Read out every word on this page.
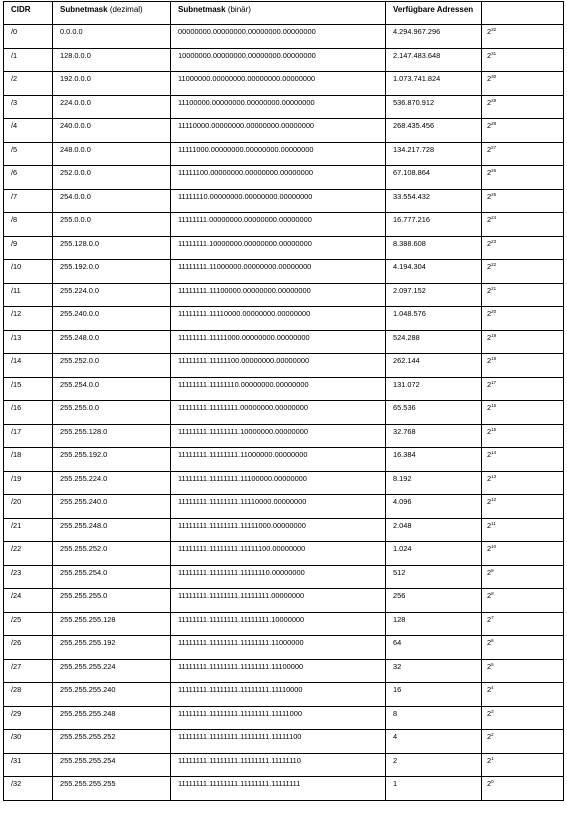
CIDR	Subnetmask (dezimal)	Subnetmask (binär)	Verfügbare Adressen	
/0	0.0.0.0	00000000.00000000.00000000.00000000	4.294.967.296	$2^{32}$
/1	128.0.0.0	10000000.00000000.00000000.00000000	2.147.483.648	$2^{31}$
/2	192.0.0.0	11000000.00000000.00000000.00000000	1.073.741.824	$2^{30}$
/3	224.0.0.0	11100000.00000000.00000000.00000000	536.870.912	$2^{29}$
/4	240.0.0.0	11110000.00000000.00000000.00000000	268.435.456	$2^{28}$
/5	248.0.0.0	11111000.00000000.00000000.00000000	134.217.728	$2^{27}$
/6	252.0.0.0	11111100.00000000.00000000.00000000	67.108.864	$2^{26}$
/7	254.0.0.0	11111110.00000000.00000000.00000000	33.554.432	$2^{25}$
/8	255.0.0.0	11111111.00000000.00000000.00000000	16.777.216	$2^{24}$
/9	255.128.0.0	11111111.10000000.00000000.00000000	8.388.608	$2^{23}$
/10	255.192.0.0	11111111.11000000.00000000.00000000	4.194.304	$2^{22}$
/11	255.224.0.0	11111111.11100000.00000000.00000000	2.097.152	$2^{21}$
/12	255.240.0.0	11111111.11110000.00000000.00000000	1.048.576	$2^{20}$
/13	255.248.0.0	11111111.11111000.00000000.00000000	524.288	$2^{19}$
/14	255.252.0.0	11111111.11111100.00000000.00000000	262.144	$2^{18}$
/15	255.254.0.0	11111111.11111110.00000000.00000000	131.072	$2^{17}$
/16	255.255.0.0	11111111.11111111.00000000.00000000	65.536	$2^{16}$
/17	255.255.128.0	11111111.11111111.10000000.00000000	32.768	$2^{15}$
/18	255.255.192.0	11111111.11111111.11000000.00000000	16.384	$2^{14}$
/19	255.255.224.0	11111111.11111111.11100000.00000000	8.192	$2^{13}$
/20	255.255.240.0	11111111.11111111.11110000.00000000	4.096	$2^{12}$
/21	255.255.248.0	11111111.11111111.11111000.00000000	2.048	$2^{11}$
/22	255.255.252.0	11111111.11111111.11111100.00000000	1.024	$2^{10}$
/23	255.255.254.0	11111111.11111111.11111110.00000000	512	$2^9$
/24	255.255.255.0	11111111.11111111.11111111.00000000	256	$2^8$
/25	255.255.255.128	11111111.11111111.11111111.10000000	128	$2^7$
/26	255.255.255.192	11111111.11111111.11111111.11000000	64	$2^6$
/27	255.255.255.224	11111111.11111111.11111111.11100000	32	$2^5$
/28	255.255.255.240	11111111.11111111.11111111.11110000	16	$2^4$
/29	255.255.255.248	11111111.11111111.11111111.11111000	8	$2^3$
/30	255.255.255.252	11111111.11111111.11111111.11111100	4	$2^2$
/31	255.255.255.254	11111111.11111111.11111111.11111110	2	$2^1$
/32	255.255.255.255	11111111.11111111.11111111.11111111	1	$2^0$
